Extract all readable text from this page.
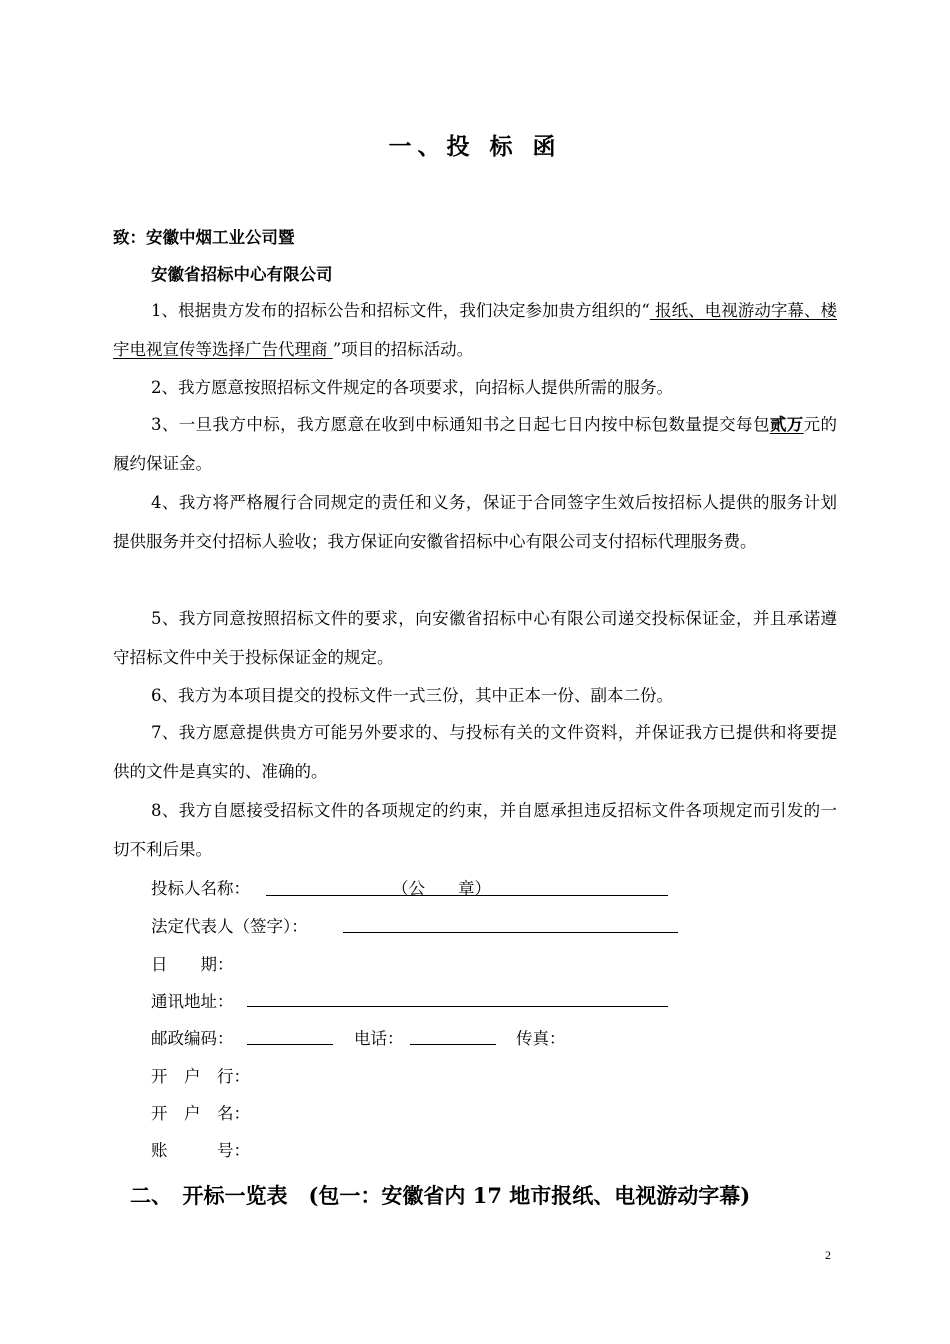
一、投 标 函
致：安徽中烟工业公司暨
安徽省招标中心有限公司
1、根据贵方发布的招标公告和招标文件，我们决定参加贵方组织的“ 报纸、电视游动字幕、楼宇电视宣传等选择广告代理商 ”项目的招标活动。
2、我方愿意按照招标文件规定的各项要求，向招标人提供所需的服务。
3、一旦我方中标，我方愿意在收到中标通知书之日起七日内按中标包数量提交每包贰万元的履约保证金。
4、我方将严格履行合同规定的责任和义务，保证于合同签字生效后按招标人提供的服务计划提供服务并交付招标人验收；我方保证向安徽省招标中心有限公司支付招标代理服务费。
5、我方同意按照招标文件的要求，向安徽省招标中心有限公司递交投标保证金，并且承诺遵守招标文件中关于投标保证金的规定。
6、我方为本项目提交的投标文件一式三份，其中正本一份、副本二份。
7、我方愿意提供贵方可能另外要求的、与投标有关的文件资料，并保证我方已提供和将要提供的文件是真实的、准确的。
8、我方自愿接受招标文件的各项规定的约束，并自愿承担违反招标文件各项规定而引发的一切不利后果。
投标人名称：	（公　　章）
法定代表人（签字）：
日　　期：
通讯地址：
邮政编码：	电话：	传真：
开　户　行：
开　户　名：
账　　　号：
二、　开标一览表　(包一：安徽省内 17 地市报纸、电视游动字幕)
2
